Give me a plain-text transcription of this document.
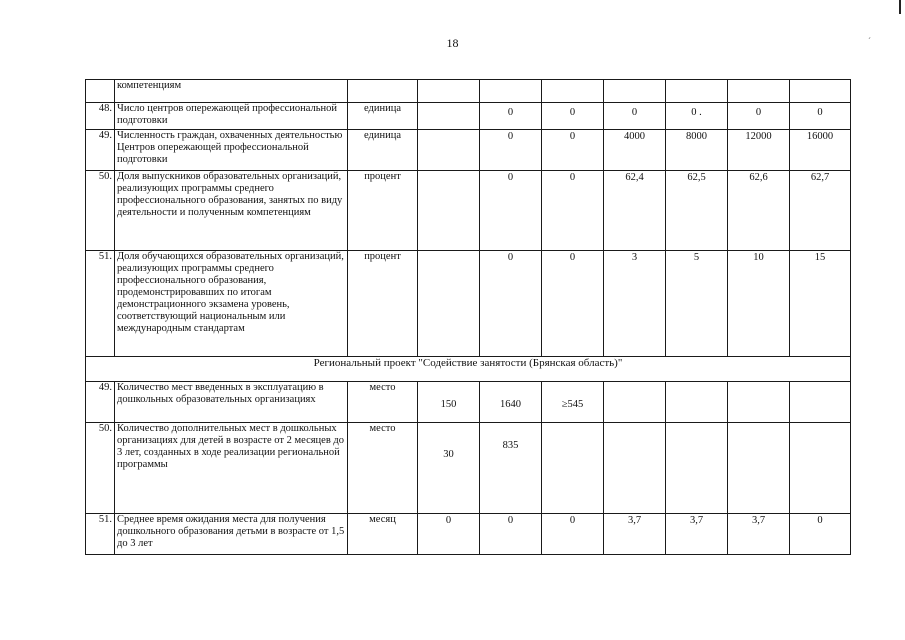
18	ˊ
	компетенциям		

48.	Число центров опережающей профессиональной подготовки	единица		0	0	0	0 .	0	0

49.	Численность граждан, охваченных деятельностью Центров опережающей профессиональной подготовки	единица		0	0	4000	8000	12000	16000

50.	Доля выпускников образовательных организаций, реализующих программы среднего профессионального образования, занятых по виду деятельности и полученным компетенциям	процент		0	0	62,4	62,5	62,6	62,7

51.	Доля обучающихся образовательных организаций, реализующих программы среднего профессионального образования, продемонстрировавших по итогам демонстрационного экзамена уровень, соответствующий национальным или международным стандартам	процент		0	0	3	5	10	15

Региональный проект "Содействие занятости (Брянская область)"									
49.	Количество мест введенных в эксплуатацию в дошкольных образовательных организациях	место	150	1640	≥545				

50.	Количество дополнительных мест в дошкольных организациях для детей в возрасте от 2 месяцев до 3 лет, созданных в ходе реализации региональной программы	место	30	835					

51.	Среднее время ожидания места для получения дошкольного образования детьми в возрасте от 1,5 до 3 лет	месяц	0	0	0	3,7	3,7	3,7	0
